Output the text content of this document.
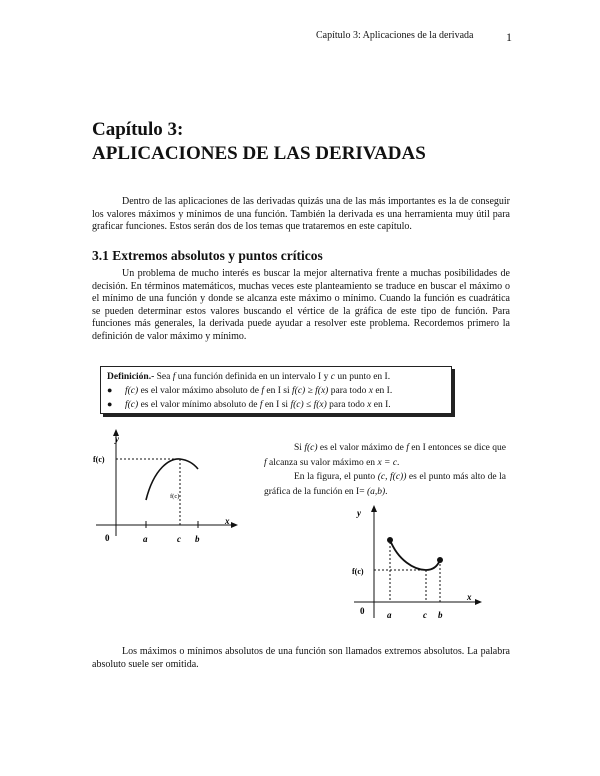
Capítulo 3: Aplicaciones de la derivada	1
Capítulo 3:
APLICACIONES DE LAS DERIVADAS

Dentro de las aplicaciones de las derivadas quizás una de las más importantes es la de conseguir los valores máximos y mínimos de una función. También la derivada es una herramienta muy útil para graficar funciones. Estos serán dos de los temas que trataremos en este capítulo.

3.1 Extremos absolutos y puntos críticos

Un problema de mucho interés es buscar la mejor alternativa frente a muchas posibilidades de decisión. En términos matemáticos, muchas veces este planteamiento se traduce en buscar el máximo o el mínimo de una función y donde se alcanza este máximo o mínimo. Cuando la función es cuadrática se pueden determinar estos valores buscando el vértice de la gráfica de este tipo de función. Para funciones más generales, la derivada puede ayudar a resolver este problema. Recordemos primero la definición de valor máximo y mínimo.

Definición.- Sea f una función definida en un intervalo I y c un punto en I.
●	f(c) es el valor máximo absoluto de f en I si f(c) ≥ f(x) para todo x en I.
●	f(c) es el valor mínimo absoluto de f en I si f(c) ≤ f(x) para todo x en I.
y
x
f(c)
f(c)
0	a	c b

Si f(c) es el valor máximo de f en I entonces se dice que f alcanza su valor máximo en x = c.
En la figura, el punto (c, f(c)) es el punto más alto de la gráfica de la función en I= (a,b).

y
x
f(c)
0	a	c b

Los máximos o mínimos absolutos de una función son llamados extremos absolutos. La palabra absoluto suele ser omitida.
